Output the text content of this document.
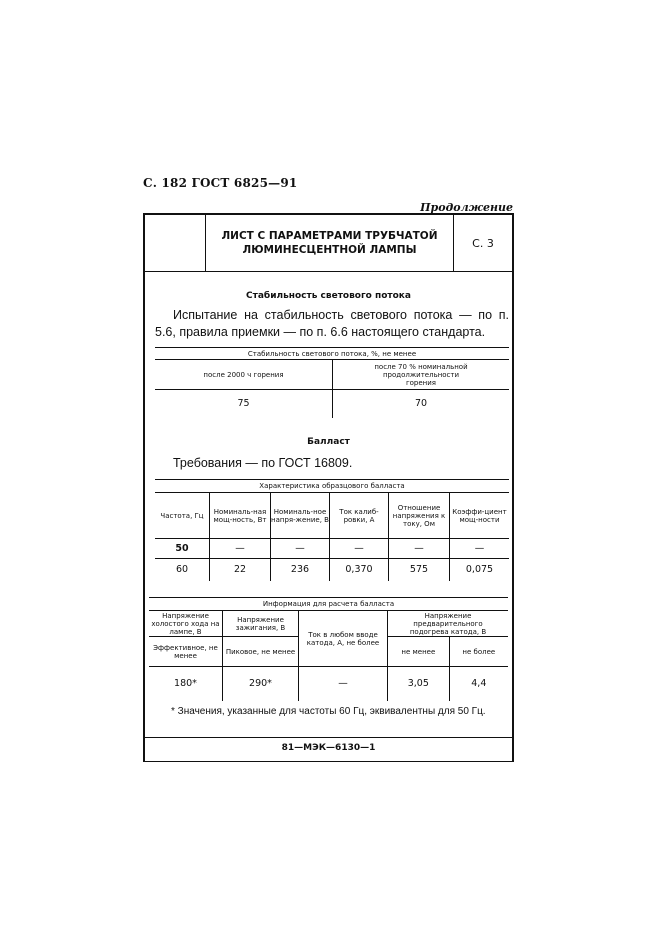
С. 182 ГОСТ 6825—91
Продолжение
ЛИСТ С ПАРАМЕТРАМИ ТРУБЧАТОЙ
ЛЮМИНЕСЦЕНТНОЙ ЛАМПЫ
С. 3
Стабильность светового потока
Испытание на стабильность светового потока — по п. 5.6, правила приемки — по п. 6.6 настоящего стандарта.
Стабильность светового потока, %, не менее	
после 2000 ч горения	после 70 % номинальной продолжительности горения
75	70
Балласт
Требования — по ГОСТ 16809.
Характеристика образцового балласта					
Частота, Гц	Номиналь-ная мощ-ность, Вт	Номиналь-ное напря-жение, В	Ток калиб-ровки, А	Отношение напряжения к току, Ом	Коэффи-циент мощ-ности
50	—	—	—	—	—
60	22	236	0,370	575	0,075
Информация для расчета балласта				
Напряжение холостого хода на лампе, В	Напряжение зажигания, В	Ток в любом вводе катода, А, не более	Напряжение предварительного подогрева катода, В	
Эффективное, не менее	Пиковое, не менее		не менее	не более
180*	290*	—	3,05	4,4
* Значения, указанные для частоты 60 Гц, эквивалентны для 50 Гц.
81—МЭК—6130—1
